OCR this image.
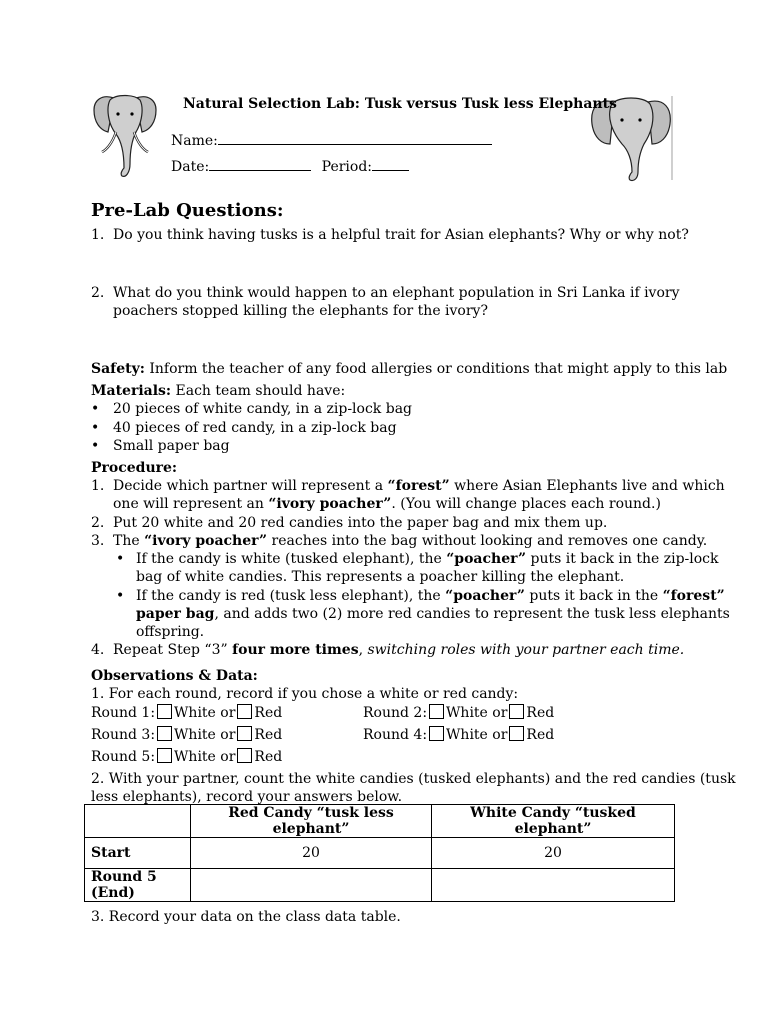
Natural Selection Lab: Tusk versus Tusk less Elephants
Name:
Date:	Period:
Pre-Lab Questions:
1. Do you think having tusks is a helpful trait for Asian elephants? Why or why not?
2. What do you think would happen to an elephant population in Sri Lanka if ivory
poachers stopped killing the elephants for the ivory?
Safety: Inform the teacher of any food allergies or conditions that might apply to this lab
Materials: Each team should have:
• 20 pieces of white candy, in a zip-lock bag
• 40 pieces of red candy, in a zip-lock bag
• Small paper bag
Procedure:
1. Decide which partner will represent a “forest” where Asian Elephants live and which
one will represent an “ivory poacher”. (You will change places each round.)
2. Put 20 white and 20 red candies into the paper bag and mix them up.
3. The “ivory poacher” reaches into the bag without looking and removes one candy.
• If the candy is white (tusked elephant), the “poacher” puts it back in the zip-lock
bag of white candies. This represents a poacher killing the elephant.
• If the candy is red (tusk less elephant), the “poacher” puts it back in the “forest”
paper bag, and adds two (2) more red candies to represent the tusk less elephants
offspring.
4. Repeat Step “3” four more times, switching roles with your partner each time.
Observations & Data:
1. For each round, record if you chose a white or red candy:
Round 1: White or Red	Round 2: White or Red
Round 3: White or Red	Round 4: White or Red
Round 5: White or Red
2. With your partner, count the white candies (tusked elephants) and the red candies (tusk
less elephants), record your answers below.
	Red Candy “tusk less elephant”	White Candy “tusked elephant”
Start	20	20
Round 5 (End)		
3. Record your data on the class data table.
